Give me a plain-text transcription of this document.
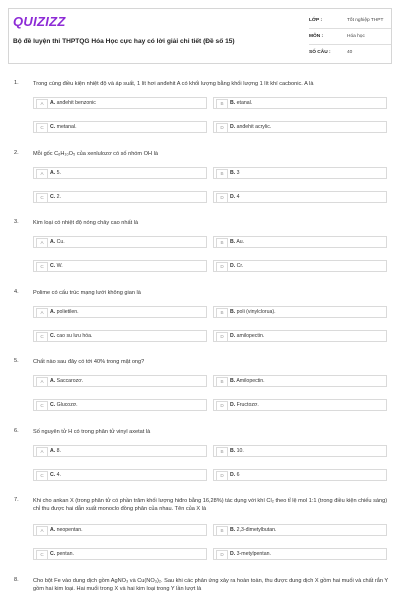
QUIZIZZ
Bộ đề luyện thi THPTQG Hóa Học cực hay có lời giải chi tiết (Đề số 15)
LỚP :	Tốt nghiệp THPT
MÔN :	Hóa học
SỐ CÂU :	40
1.	Trong cùng điều kiện nhiệt độ và áp suất, 1 lít hơi anđehit A có khối lượng bằng khối lượng 1 lít khí cacbonic. A là
A	A. anđehit benzonic	B	B. etanal.
C	C. metanal.	D	D. anđehit acrylic.
2.	Mỗi gốc C₆H₁₀O₅ của xenlulozơ có số nhóm OH là
A	A. 5.	B	B. 3
C	C. 2.	D	D. 4
3.	Kim loại có nhiệt độ nóng chảy cao nhất là
A	A. Cu.	B	B. Au.
C	C. W.	D	D. Cr.
4.	Polime có cấu trúc mạng lưới không gian là
A	A. polietilen.	B	B. poli (vinylclorua).
C	C. cao su lưu hóa.	D	D. amilopectin.
5.	Chất nào sau đây có tới 40% trong mật ong?
A	A. Saccarozơ.	B	B. Amilopectin.
C	C. Glucozơ.	D	D. Fructozơ.
6.	Số nguyên tử H có trong phân tử vinyl axetat là
A	A. 8.	B	B. 10.
C	C. 4.	D	D. 6
7.	Khi cho ankan X (trong phân tử có phần trăm khối lượng hiđro bằng 16,28%) tác dụng với khí Cl₂ theo tỉ lệ mol 1:1 (trong điều kiện chiếu sáng) chỉ thu được hai dẫn xuất monoclo đồng phân của nhau. Tên của X là
A	A. neopentan.	B	B. 2,3-đimetylbutan.
C	C. pentan.	D	D. 3-metylpentan.
8.	Cho bột Fe vào dung dịch gồm AgNO₃ và Cu(NO₃)₂. Sau khi các phản ứng xảy ra hoàn toàn, thu được dung dịch X gồm hai muối và chất rắn Y gồm hai kim loại. Hai muối trong X và hai kim loại trong Y lần lượt là
